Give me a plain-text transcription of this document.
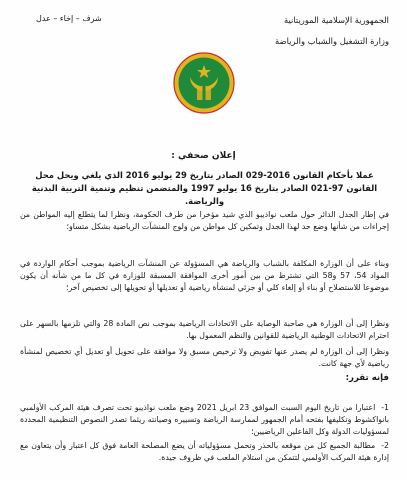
الجمهورية الإسلامية الموريتانية
وزارة التشغيل والشباب والرياضة
شرف – إخاء – عدل
إعلان صحفي :
عملا بأحكام القانون 2016-029 الصادر بتاريخ 29 يوليو 2016 الذي يلغي ويحل محل القانون 97-021 الصادر بتاريخ 16 يوليو 1997 والمتضمن تنظيم وتنمية التربية البدنية والرياضة.
في إطار الجدل الدائر حول ملعب نواذيبو الذي شيد مؤخرا من طرف الحكومة، ونظرا لما يتطلع إليه المواطن من إجراءات من شأنها وضع حد لهذا الجدل وتمكين كل مواطن من ولوج المنشآت الرياضية بشكل متساو؛
وبناء على أن الوزارة المكلفة بالشباب والرياضة هي المسؤولة عن المنشآت الرياضية بموجب أحكام الواردة في المواد 54، 57 و58 التي تشترط من بين أمور أخرى الموافقة المسبقة للوزارة في كل ما من شأنه أن يكون موضوعا للاستصلاح أو بناء أو إلغاء كلي أو جزئي لمنشأة رياضية أو تعديلها أو تحويلها إلى تخصيص آخر؛
ونظرا إلى أن الوزارة هي صاحبة الوصاية على الاتحادات الرياضية بموجب نص المادة 28 والتي تلزمها بالسهر على احترام الاتحادات الوطنية الرياضية للقوانين والنظم المعمول بها.
ونظرا إلى أن الوزارة لم يصدر عنها تفويض ولا ترخيص مسبق ولا موافقة على تحويل أو تعديل أي تخصيص لمنشأة رياضية لأي جهة كانت.
فإنه تقرر:
1- اعتبارا من تاريخ اليوم السبت الموافق 23 ابريل 2021 وضع ملعب نواذيبو تحت تصرف هيئة المركب الأولمبي بانواكشوط وتكليفها بفتحه أمام الجمهور لممارسة الرياضة وتسييره وصيانته ريثما تصدر النصوص التنظيمية المحددة لمسؤوليات الدولة وكل الفاعلين الرياضيين؛
2- مطالبة الجميع كل من موقعه بالحذر وتحمل مسؤولياته أن يضع المصلحة العامة فوق كل اعتبار وأن يتعاون مع إدارة هيئة المركب الأولمبي لتتمكن من استلام الملعب في ظروف جيدة.
